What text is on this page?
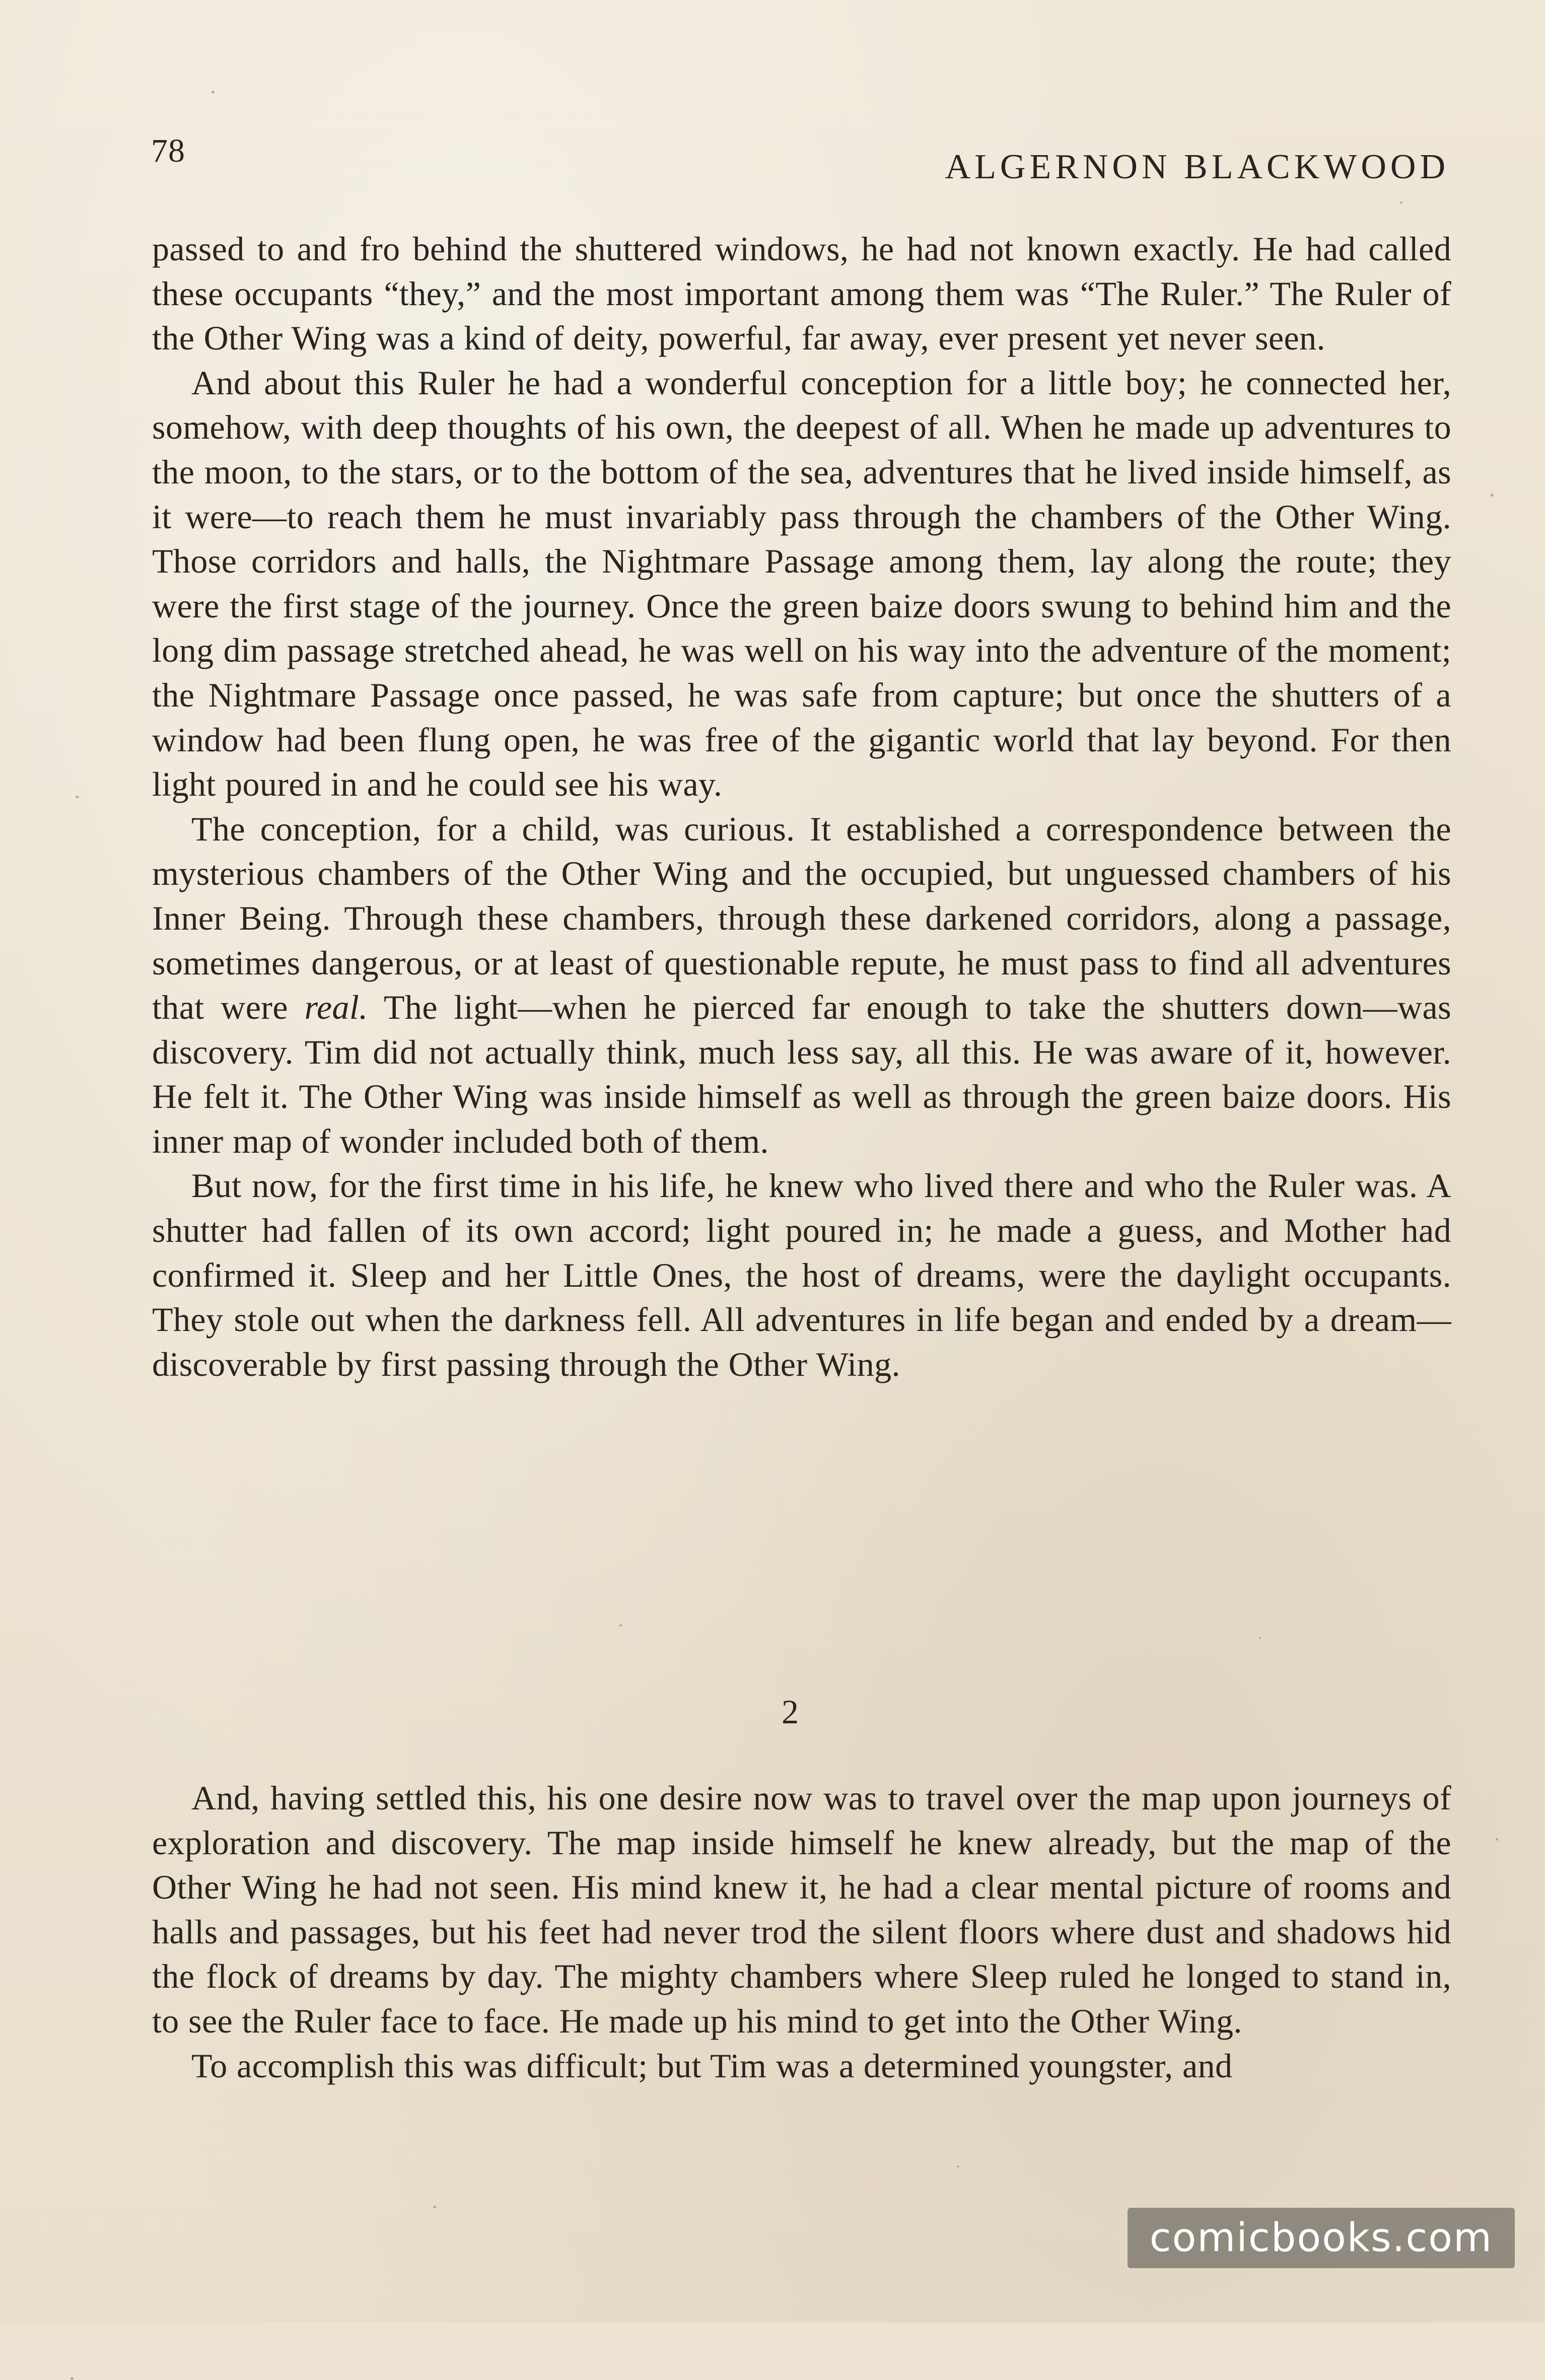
78	ALGERNON BLACKWOOD

passed to and fro behind the shuttered windows, he had not known exactly. He had called these occupants “they,” and the most important among them was “The Ruler.” The Ruler of the Other Wing was a kind of deity, powerful, far away, ever present yet never seen.

And about this Ruler he had a wonderful conception for a little boy; he connected her, somehow, with deep thoughts of his own, the deepest of all. When he made up adventures to the moon, to the stars, or to the bottom of the sea, adventures that he lived inside himself, as it were—to reach them he must invariably pass through the chambers of the Other Wing. Those corridors and halls, the Nightmare Passage among them, lay along the route; they were the first stage of the journey. Once the green baize doors swung to behind him and the long dim passage stretched ahead, he was well on his way into the adventure of the moment; the Nightmare Passage once passed, he was safe from capture; but once the shutters of a window had been flung open, he was free of the gigantic world that lay beyond. For then light poured in and he could see his way.

The conception, for a child, was curious. It established a correspondence between the mysterious chambers of the Other Wing and the occupied, but unguessed chambers of his Inner Being. Through these chambers, through these darkened corridors, along a passage, sometimes dangerous, or at least of questionable repute, he must pass to find all adventures that were real. The light—when he pierced far enough to take the shutters down—was discovery. Tim did not actually think, much less say, all this. He was aware of it, however. He felt it. The Other Wing was inside himself as well as through the green baize doors. His inner map of wonder included both of them.

But now, for the first time in his life, he knew who lived there and who the Ruler was. A shutter had fallen of its own accord; light poured in; he made a guess, and Mother had confirmed it. Sleep and her Little Ones, the host of dreams, were the daylight occupants. They stole out when the darkness fell. All adventures in life began and ended by a dream—discoverable by first passing through the Other Wing.

2

And, having settled this, his one desire now was to travel over the map upon journeys of exploration and discovery. The map inside himself he knew already, but the map of the Other Wing he had not seen. His mind knew it, he had a clear mental picture of rooms and halls and passages, but his feet had never trod the silent floors where dust and shadows hid the flock of dreams by day. The mighty chambers where Sleep ruled he longed to stand in, to see the Ruler face to face. He made up his mind to get into the Other Wing.

To accomplish this was difficult; but Tim was a determined youngster, and

comicbooks.com
